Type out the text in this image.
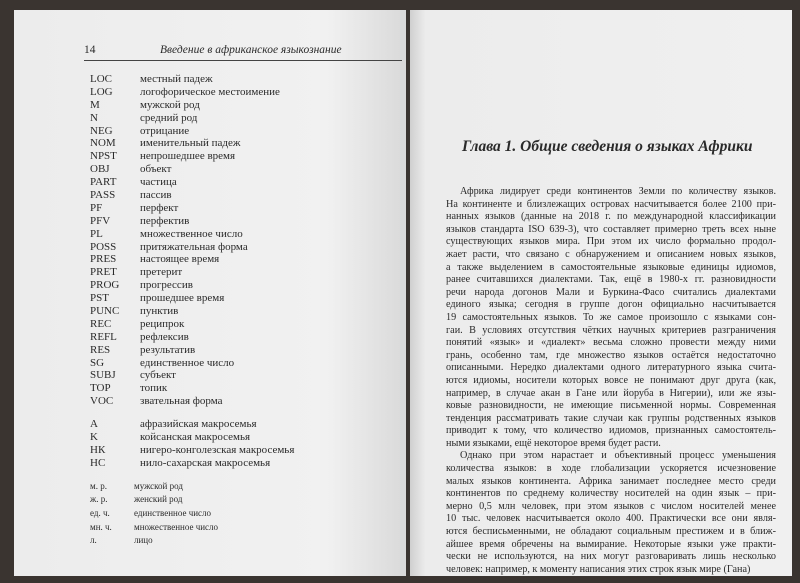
14	Введение в африканское языкознание
LOC	местный падеж
LOG логофорическое местоимение
M	мужской род
N	средний род
NEG отрицание
NOM именительный падеж
NPST непрошедшее время
OBJ	объект
PART частица
PASS пассив
PF	перфект
PFV	перфектив
PL	множественное число
POSS притяжательная форма
PRES настоящее время
PRET претерит
PROG прогрессив
PST	прошедшее время
PUNC пунктив
REC	реципрок
REFL рефлексив
RES	результатив
SG	единственное число
SUBJ субъект
TOP	топик
VOC звательная форма
A	афразийская макросемья
K	койсанская макросемья
НК	нигеро-конголезская макросемья
НС	нило-сахарская макросемья
м. р.	мужской род
ж. р.	женский род
ед. ч.	единственное число
мн. ч. множественное число
л.	лицо
Глава 1. Общие сведения о языках Африки
Африка лидирует среди континентов Земли по количеству языков.
На континенте и близлежащих островах насчитывается более 2100 при-
нанных языков (данные на 2018 г. по международной классификации
языков стандарта ISO 639-3), что составляет примерно треть всех ныне
существующих языков мира. При этом их число формально продол-
жает расти, что связано с обнаружением и описанием новых языков,
а также выделением в самостоятельные языковые единицы идиомов,
ранее считавшихся диалектами. Так, ещё в 1980-х гг. разновидности
речи народа догонов Мали и Буркина-Фасо считались диалектами
единого языка; сегодня в группе догон официально насчитывается
19 самостоятельных языков. То же самое произошло с языками сон-
гаи. В условиях отсутствия чётких научных критериев разграничения
понятий «язык» и «диалект» весьма сложно провести между ними
грань, особенно там, где множество языков остаётся недостаточно
описанными. Нередко диалектами одного литературного языка счита-
ются идиомы, носители которых вовсе не понимают друг друга (как,
например, в случае акан в Гане или йоруба в Нигерии), или же язы-
ковые разновидности, не имеющие письменной нормы. Современная
тенденция рассматривать такие случаи как группы родственных языков
приводит к тому, что количество идиомов, признанных самостоятель-
ными языками, ещё некоторое время будет расти.
Однако при этом нарастает и объективный процесс уменьшения
количества языков: в ходе глобализации ускоряется исчезновение
малых языков континента. Африка занимает последнее место среди
континентов по среднему количеству носителей на один язык – при-
мерно 0,5 млн человек, при этом языков с числом носителей менее
10 тыс. человек насчитывается около 400. Практически все они явля-
ются бесписьменными, не обладают социальным престижем и в ближ-
айшее время обречены на вымирание. Некоторые языки уже практи-
чески не используются, на них могут разговаривать лишь несколько
человек: например, к моменту написания этих строк язык мире (Гана)
